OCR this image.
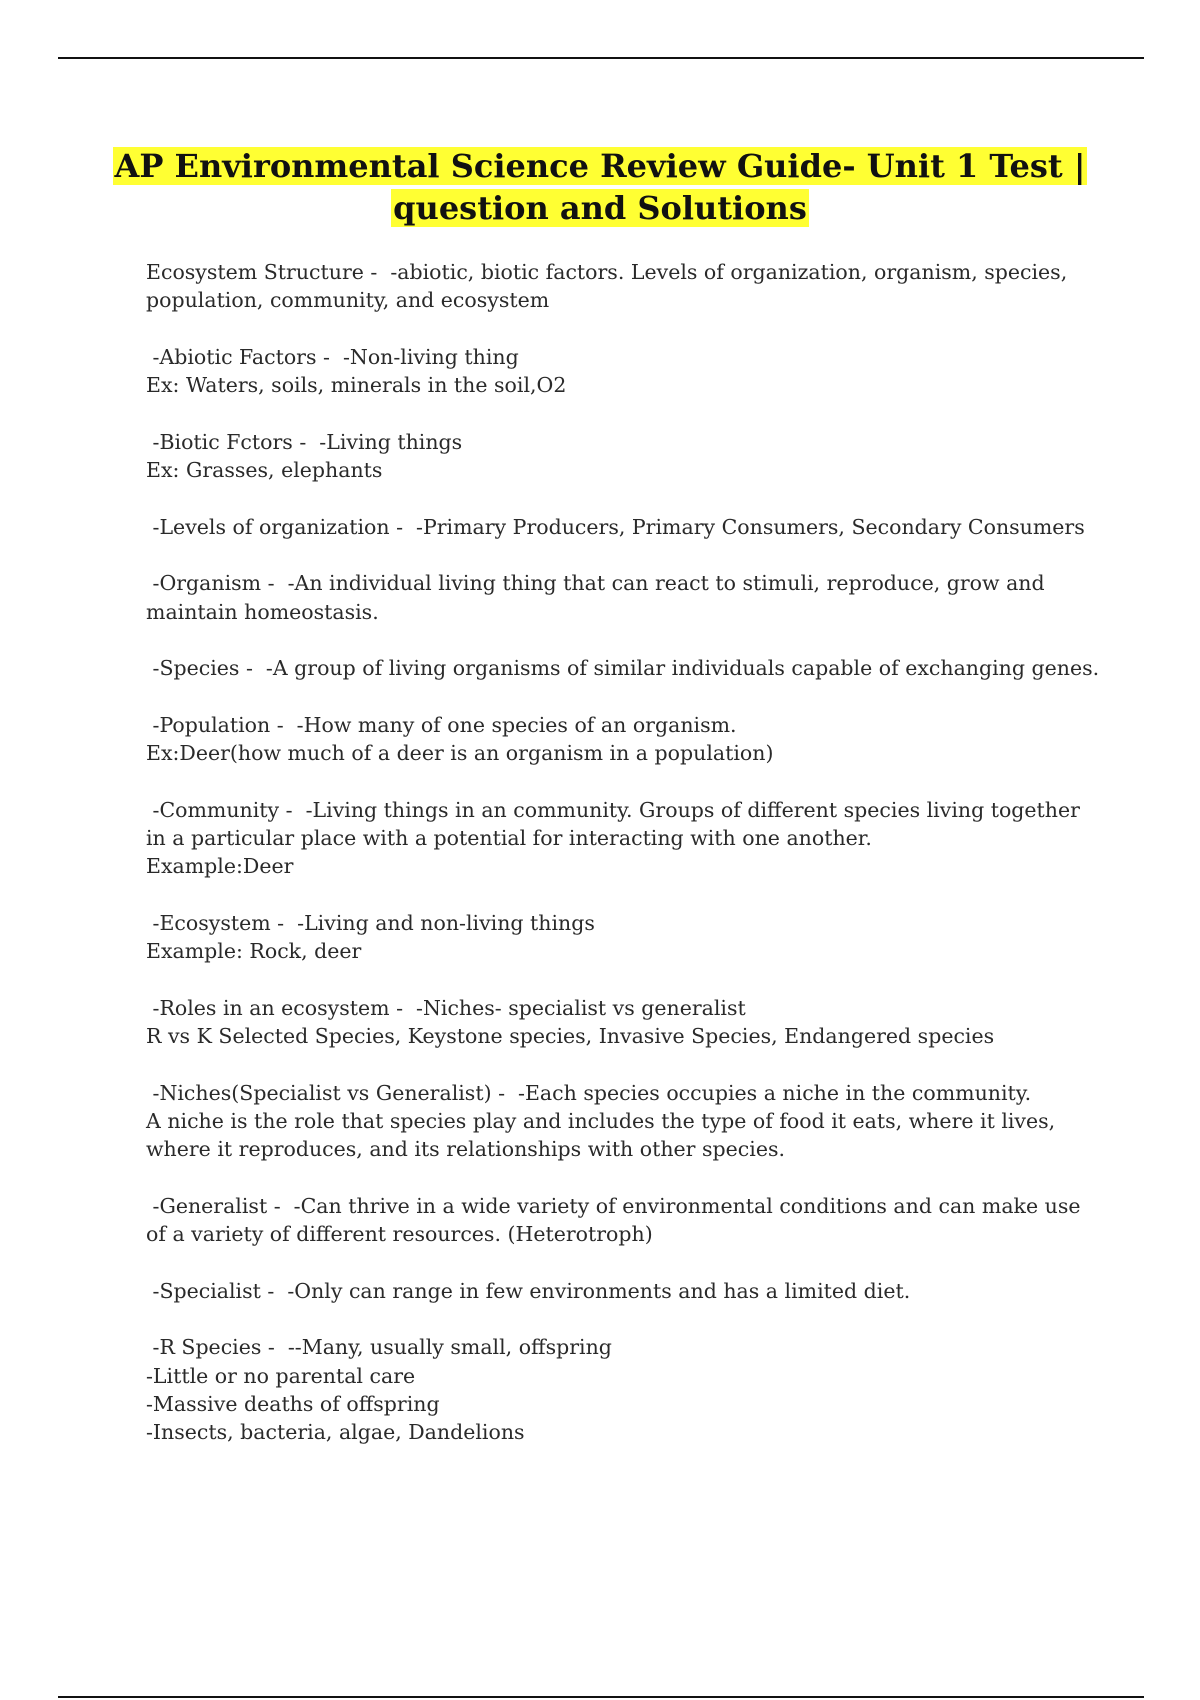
AP Environmental Science Review Guide- Unit 1 Test |
question and Solutions
Ecosystem Structure -  -abiotic, biotic factors. Levels of organization, organism, species,
population, community, and ecosystem
-Abiotic Factors -  -Non-living thing
Ex: Waters, soils, minerals in the soil,O2
-Biotic Fctors -  -Living things
Ex: Grasses, elephants
-Levels of organization -  -Primary Producers, Primary Consumers, Secondary Consumers
-Organism -  -An individual living thing that can react to stimuli, reproduce, grow and
maintain homeostasis.
-Species -  -A group of living organisms of similar individuals capable of exchanging genes.
-Population -  -How many of one species of an organism.
Ex:Deer(how much of a deer is an organism in a population)
-Community -  -Living things in an community. Groups of different species living together
in a particular place with a potential for interacting with one another.
Example:Deer
-Ecosystem -  -Living and non-living things
Example: Rock, deer
-Roles in an ecosystem -  -Niches- specialist vs generalist
R vs K Selected Species, Keystone species, Invasive Species, Endangered species
-Niches(Specialist vs Generalist) -  -Each species occupies a niche in the community.
A niche is the role that species play and includes the type of food it eats, where it lives,
where it reproduces, and its relationships with other species.
-Generalist -  -Can thrive in a wide variety of environmental conditions and can make use
of a variety of different resources. (Heterotroph)
-Specialist -  -Only can range in few environments and has a limited diet.
-R Species -  --Many, usually small, offspring
-Little or no parental care
-Massive deaths of offspring
-Insects, bacteria, algae, Dandelions
